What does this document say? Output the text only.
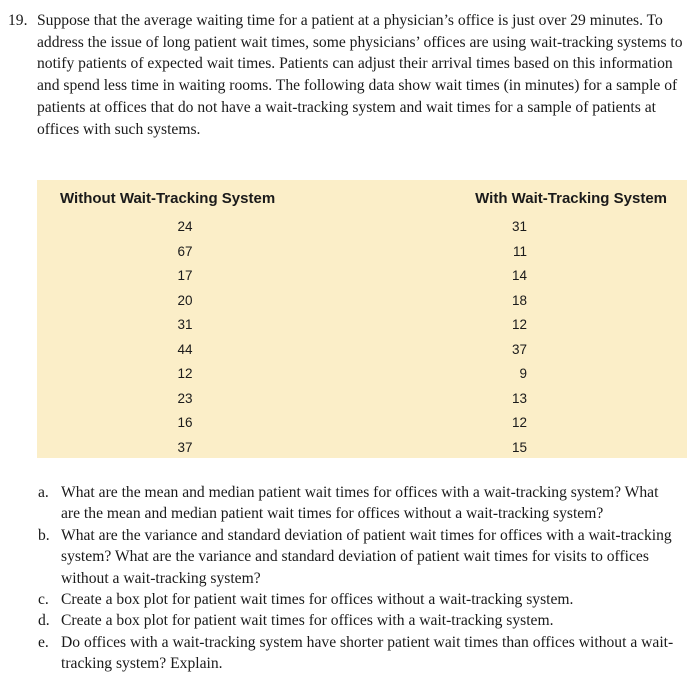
19. Suppose that the average waiting time for a patient at a physician’s office is just over 29 minutes. To address the issue of long patient wait times, some physicians’ offices are using wait-tracking systems to notify patients of expected wait times. Patients can adjust their arrival times based on this information and spend less time in waiting rooms. The following data show wait times (in minutes) for a sample of patients at offices that do not have a wait-tracking system and wait times for a sample of patients at offices with such systems.
Without Wait-Tracking System	With Wait-Tracking System
24
67
17
20
31
44
12
23
16
37
31
11
14
18
12
37
9
13
12
15
a. What are the mean and median patient wait times for offices with a wait-tracking system? What are the mean and median patient wait times for offices without a wait-tracking system?
b. What are the variance and standard deviation of patient wait times for offices with a wait-tracking system? What are the variance and standard deviation of patient wait times for visits to offices without a wait-tracking system?
c. Create a box plot for patient wait times for offices without a wait-tracking system.
d. Create a box plot for patient wait times for offices with a wait-tracking system.
e. Do offices with a wait-tracking system have shorter patient wait times than offices without a wait-tracking system? Explain.
